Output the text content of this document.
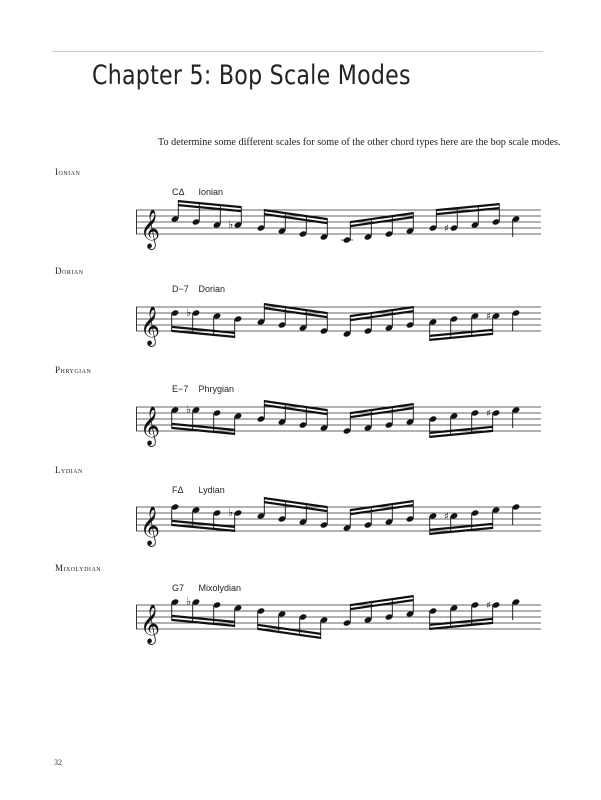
Chapter 5: Bop Scale Modes
To determine some different scales for some of the other chord types here are the bop scale modes.
Ionian
CΔ Ionian
𝄞	♭	♯
Dorian
D−7 Dorian
𝄞 ♭	♯
Phrygian
E−7 Phrygian
𝄞 ♭	♯
Lydian
FΔ Lydian
𝄞	♭	♯
Mixolydian
G7 Mixolydian
𝄞
♭	♯
32
